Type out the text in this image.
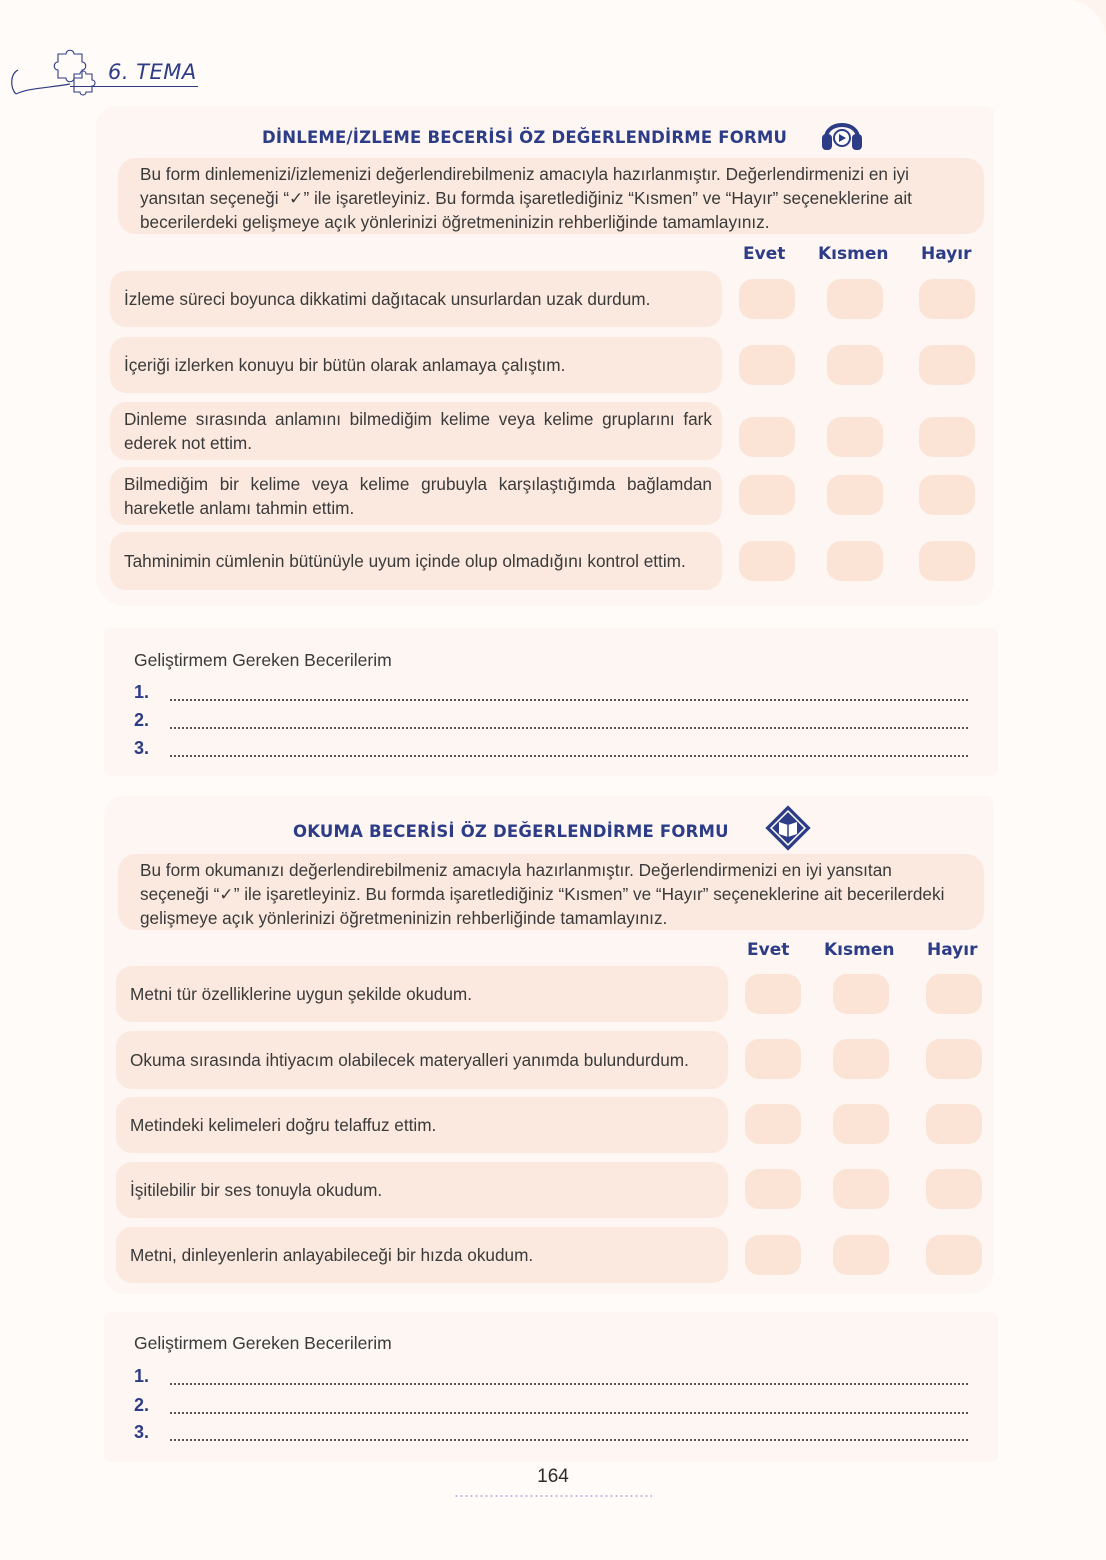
6. TEMA
DİNLEME/İZLEME BECERİSİ ÖZ DEĞERLENDİRME FORMU
Bu form dinlemenizi/izlemenizi değerlendirebilmeniz amacıyla hazırlanmıştır. Değerlendirmenizi en iyi yansıtan seçeneği “✓” ile işaretleyiniz. Bu formda işaretlediğiniz “Kısmen” ve “Hayır” seçeneklerine ait becerilerdeki gelişmeye açık yönlerinizi öğretmeninizin rehberliğinde tamamlayınız.
Evet Kısmen Hayır
İzleme süreci boyunca dikkatimi dağıtacak unsurlardan uzak durdum.
İçeriği izlerken konuyu bir bütün olarak anlamaya çalıştım.
Dinleme sırasında anlamını bilmediğim kelime veya kelime gruplarını fark ederek not ettim.
Bilmediğim bir kelime veya kelime grubuyla karşılaştığımda bağlamdan hareketle anlamı tahmin ettim.
Tahminimin cümlenin bütünüyle uyum içinde olup olmadığını kontrol ettim.
Geliştirmem Gereken Becerilerim
1.
2.
3.
OKUMA BECERİSİ ÖZ DEĞERLENDİRME FORMU
Bu form okumanızı değerlendirebilmeniz amacıyla hazırlanmıştır. Değerlendirmenizi en iyi yansıtan seçeneği “✓” ile işaretleyiniz. Bu formda işaretlediğiniz “Kısmen” ve “Hayır” seçeneklerine ait becerilerdeki gelişmeye açık yönlerinizi öğretmeninizin rehberliğinde tamamlayınız.
Evet Kısmen Hayır
Metni tür özelliklerine uygun şekilde okudum.
Okuma sırasında ihtiyacım olabilecek materyalleri yanımda bulundurdum.
Metindeki kelimeleri doğru telaffuz ettim.
İşitilebilir bir ses tonuyla okudum.
Metni, dinleyenlerin anlayabileceği bir hızda okudum.
Geliştirmem Gereken Becerilerim
1.
2.
3.
164
